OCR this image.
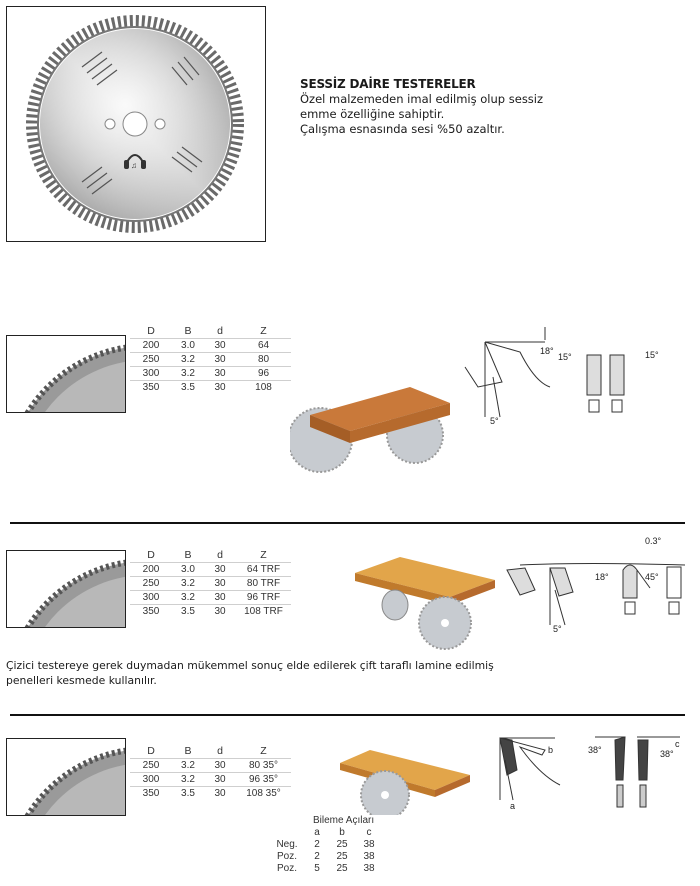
♫
SESSİZ DAİRE TESTERELER
Özel malzemeden imal edilmiş olup sessiz
emme özelliğine sahiptir.
Çalışma esnasında sesi %50 azaltır.
D	B	d	Z
200	3.0	30	64
250	3.2	30	80
300	3.2	30	96
350	3.5	30	108
18°
15°	15°
5°
D	B	d	Z
200	3.0	30	64 TRF
250	3.2	30	80 TRF
300	3.2	30	96 TRF
350	3.5	30	108 TRF
18°	45°
0.3°
5°
Çizici testereye gerek duymadan mükemmel sonuç elde edilerek çift taraflı lamine edilmiş
penelleri kesmede kullanılır.
D	B	d	Z
250	3.2	30	80 35°
300	3.2	30	96 35°
350	3.5	30	108 35°
a
b
c
38°	38°
Bileme Açıları
	a	b	c
Neg.	2	25	38
Poz.	2	25	38
Poz.	5	25	38
